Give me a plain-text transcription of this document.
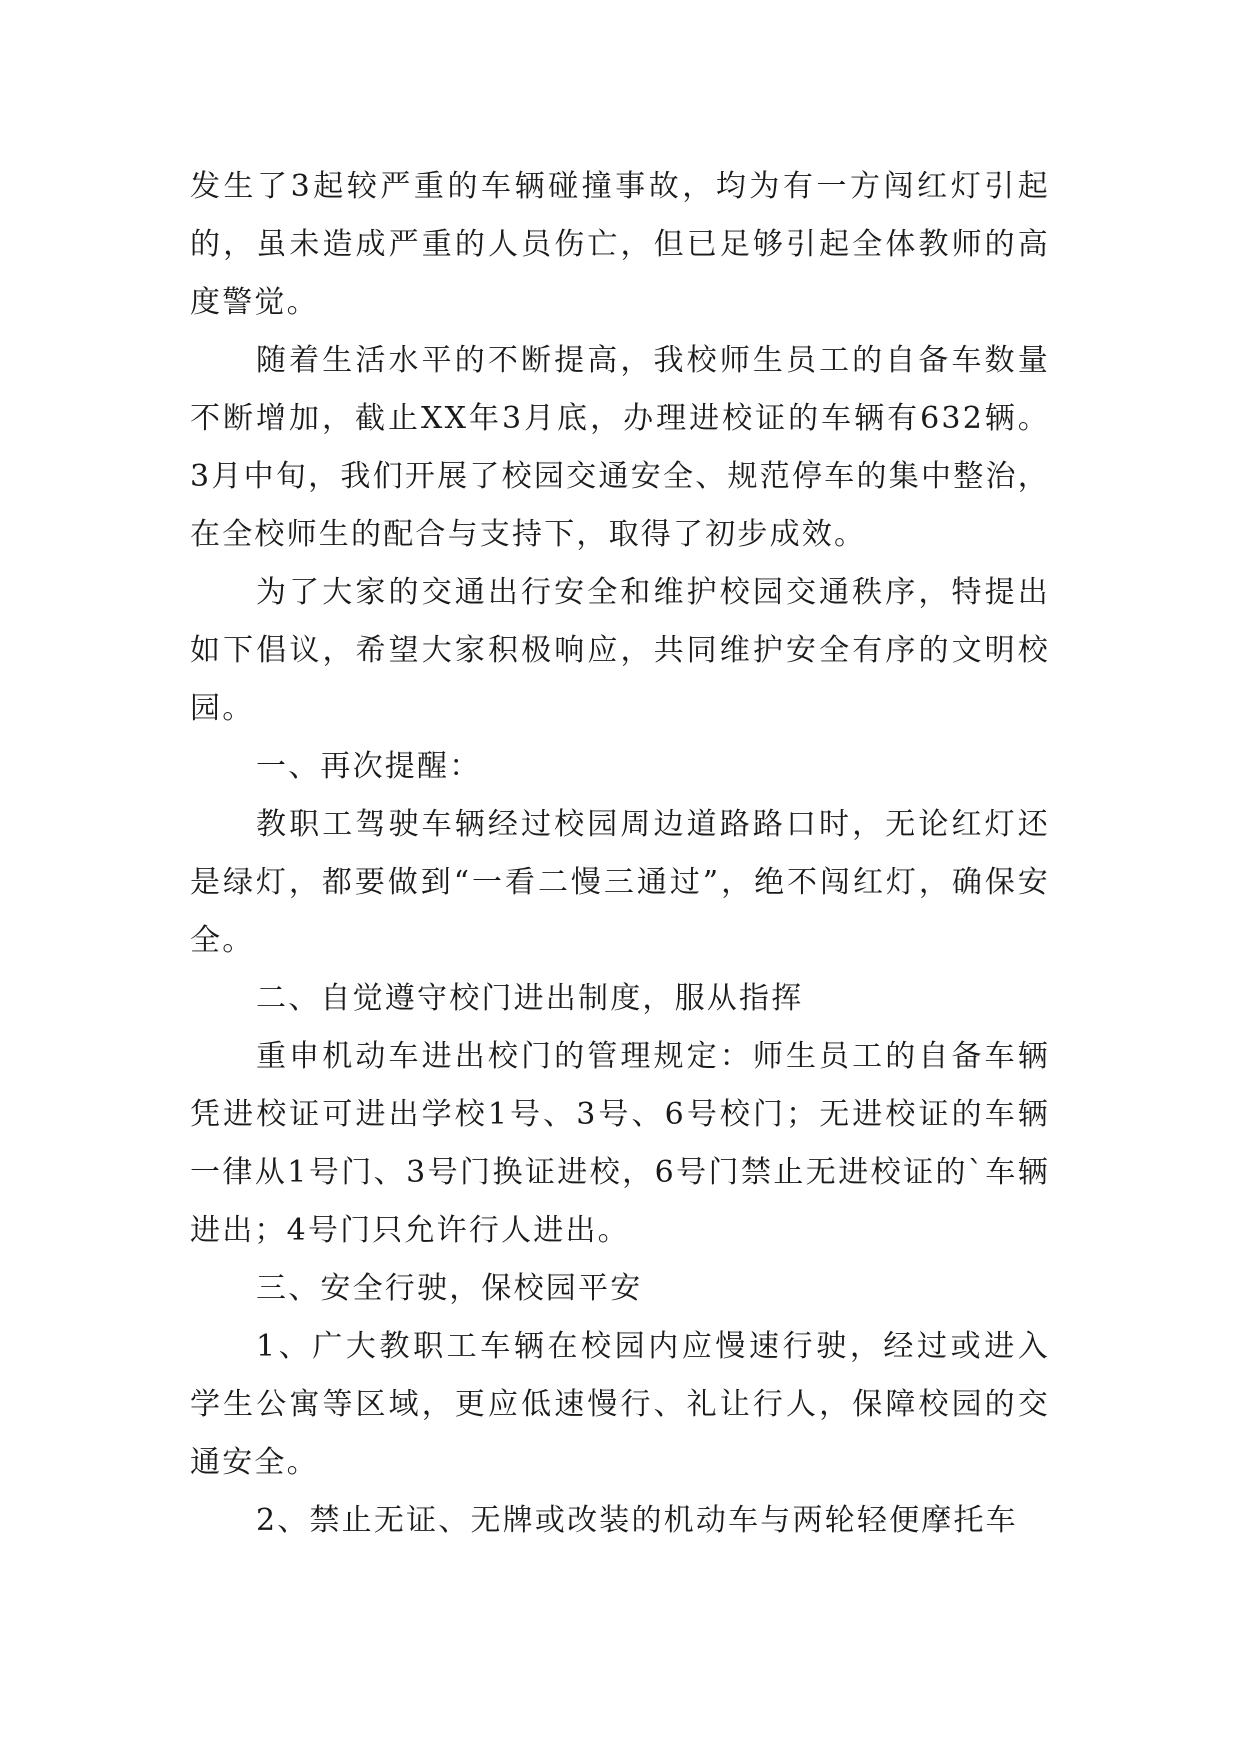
发生了3起较严重的车辆碰撞事故，均为有一方闯红灯引起的，虽未造成严重的人员伤亡，但已足够引起全体教师的高度警觉。

随着生活水平的不断提高，我校师生员工的自备车数量不断增加，截止XX年3月底，办理进校证的车辆有632辆。3月中旬，我们开展了校园交通安全、规范停车的集中整治，在全校师生的配合与支持下，取得了初步成效。

为了大家的交通出行安全和维护校园交通秩序，特提出如下倡议，希望大家积极响应，共同维护安全有序的文明校园。

一、再次提醒：

教职工驾驶车辆经过校园周边道路路口时，无论红灯还是绿灯，都要做到“一看二慢三通过”，绝不闯红灯，确保安全。

二、自觉遵守校门进出制度，服从指挥

重申机动车进出校门的管理规定：师生员工的自备车辆凭进校证可进出学校1号、3号、6号校门；无进校证的车辆一律从1号门、3号门换证进校，6号门禁止无进校证的`车辆进出；4号门只允许行人进出。

三、安全行驶，保校园平安

1、广大教职工车辆在校园内应慢速行驶，经过或进入学生公寓等区域，更应低速慢行、礼让行人，保障校园的交通安全。

2、禁止无证、无牌或改装的机动车与两轮轻便摩托车
